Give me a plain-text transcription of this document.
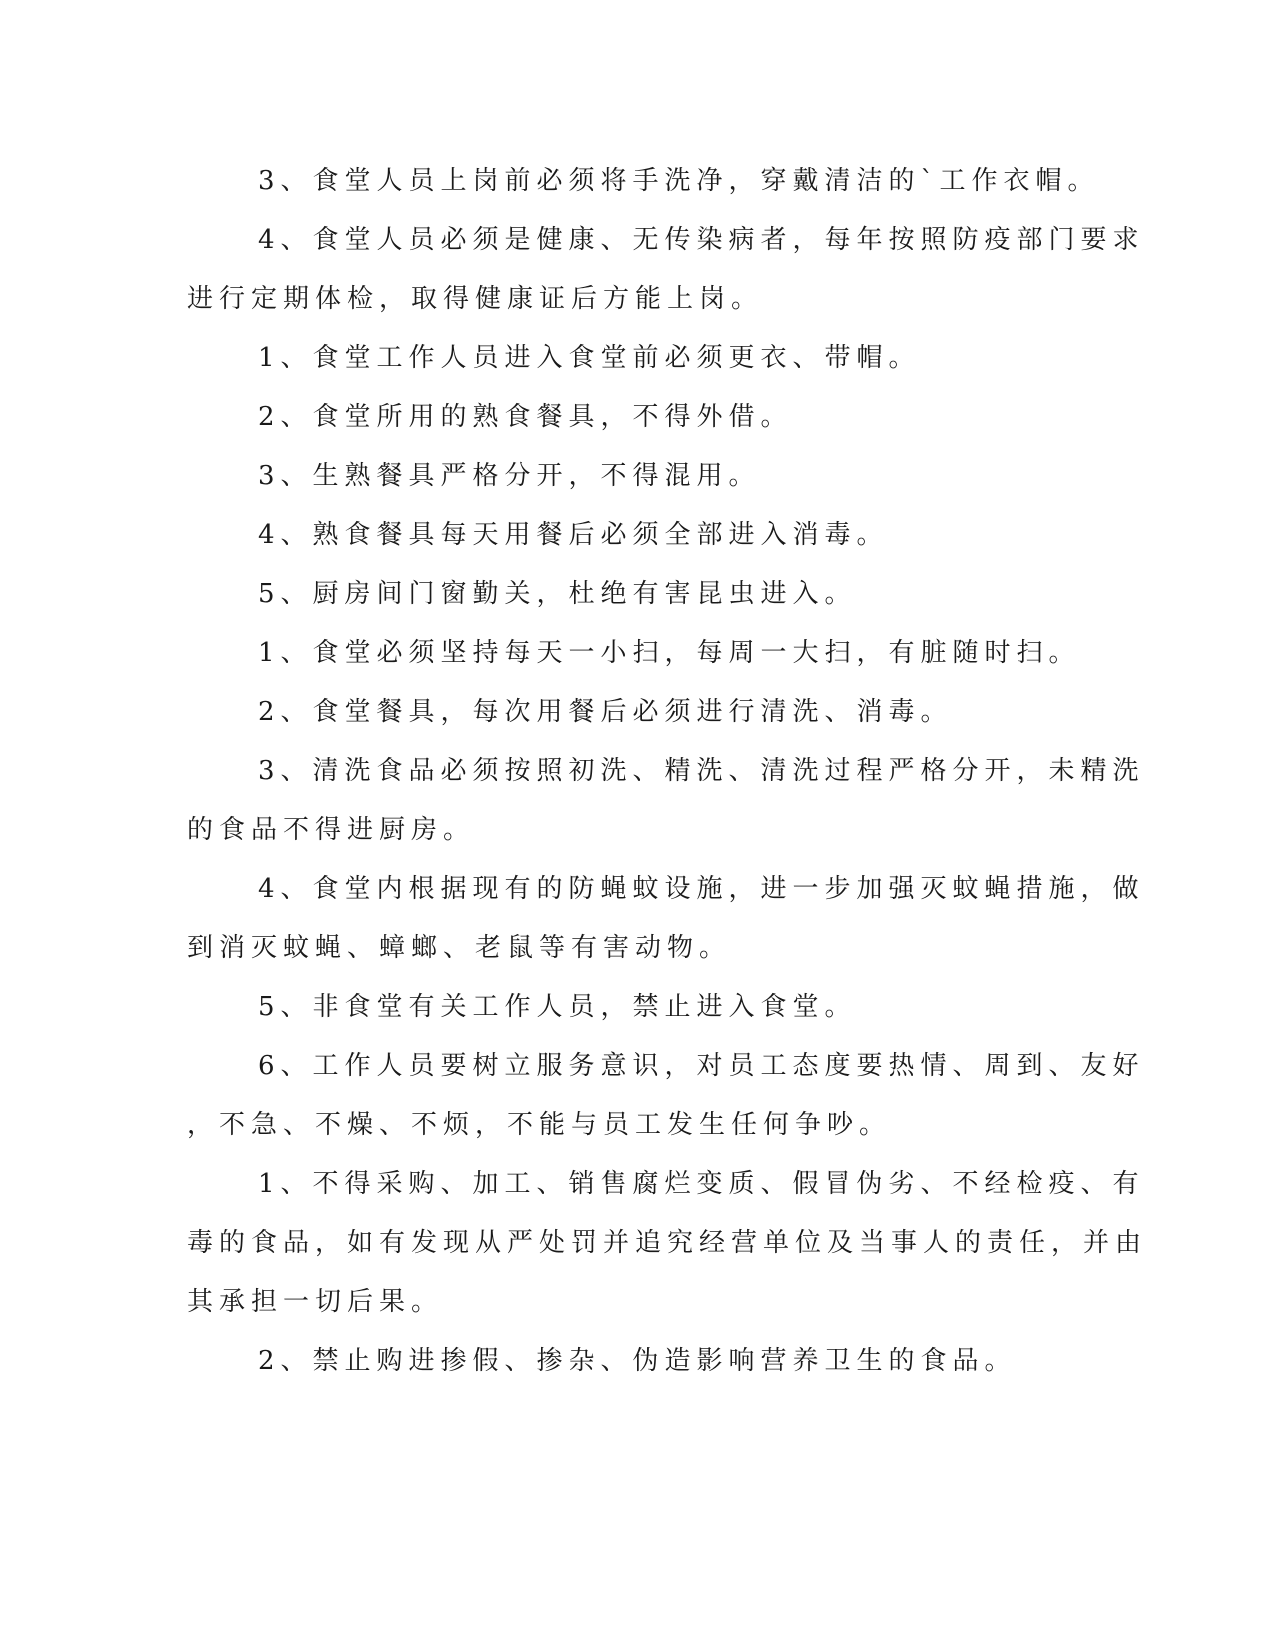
3、食堂人员上岗前必须将手洗净，穿戴清洁的`工作衣帽。
4、食堂人员必须是健康、无传染病者，每年按照防疫部门要求
进行定期体检，取得健康证后方能上岗。
1、食堂工作人员进入食堂前必须更衣、带帽。
2、食堂所用的熟食餐具，不得外借。
3、生熟餐具严格分开，不得混用。
4、熟食餐具每天用餐后必须全部进入消毒。
5、厨房间门窗勤关，杜绝有害昆虫进入。
1、食堂必须坚持每天一小扫，每周一大扫，有脏随时扫。
2、食堂餐具，每次用餐后必须进行清洗、消毒。
3、清洗食品必须按照初洗、精洗、清洗过程严格分开，未精洗
的食品不得进厨房。
4、食堂内根据现有的防蝇蚊设施，进一步加强灭蚊蝇措施，做
到消灭蚊蝇、蟑螂、老鼠等有害动物。
5、非食堂有关工作人员，禁止进入食堂。
6、工作人员要树立服务意识，对员工态度要热情、周到、友好
，不急、不燥、不烦，不能与员工发生任何争吵。
1、不得采购、加工、销售腐烂变质、假冒伪劣、不经检疫、有
毒的食品，如有发现从严处罚并追究经营单位及当事人的责任，并由
其承担一切后果。
2、禁止购进掺假、掺杂、伪造影响营养卫生的食品。
